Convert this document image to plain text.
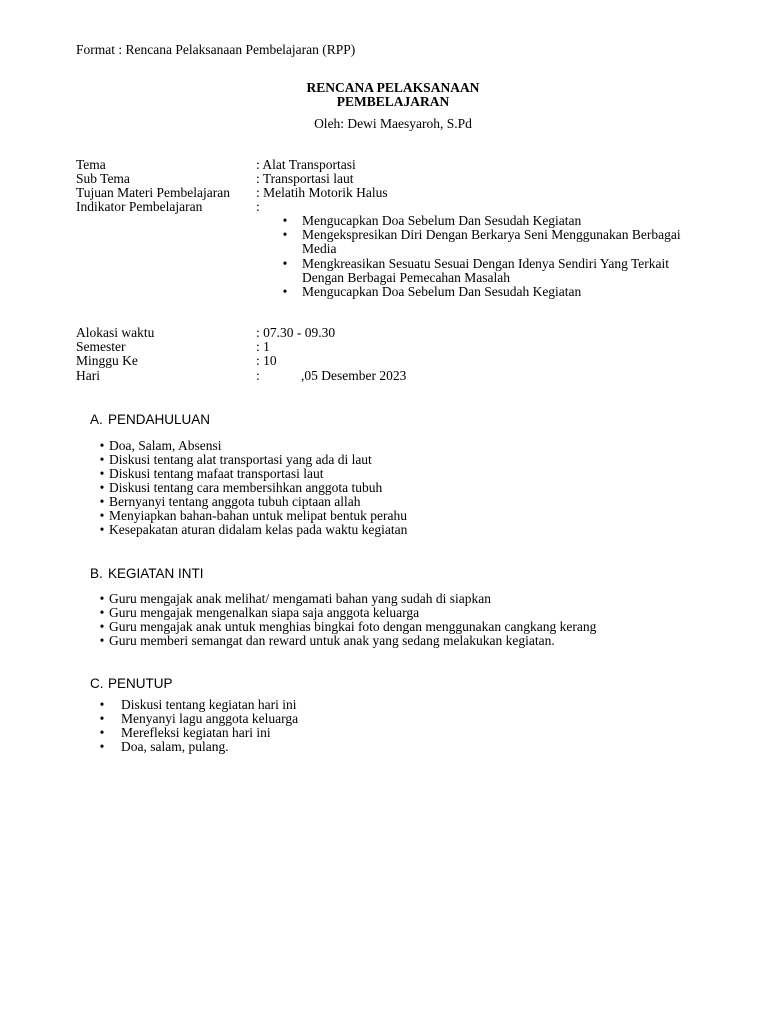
Format : Rencana Pelaksanaan Pembelajaran (RPP)
RENCANA PELAKSANAAN
PEMBELAJARAN
Oleh: Dewi Maesyaroh, S.Pd
Tema	: Alat Transportasi
Sub Tema	: Transportasi laut
Tujuan Materi Pembelajaran : Melatih Motorik Halus
Indikator Pembelajaran	:
• Mengucapkan Doa Sebelum Dan Sesudah Kegiatan
• Mengekspresikan Diri Dengan Berkarya Seni Menggunakan Berbagai Media
• Mengkreasikan Sesuatu Sesuai Dengan Idenya Sendiri Yang Terkait Dengan Berbagai Pemecahan Masalah
• Mengucapkan Doa Sebelum Dan Sesudah Kegiatan
Alokasi waktu	: 07.30 - 09.30
Semester	: 1
Minggu Ke	: 10
Hari	:	,05 Desember 2023
A. PENDAHULUAN
• Doa, Salam, Absensi
• Diskusi tentang alat transportasi yang ada di laut
• Diskusi tentang mafaat transportasi laut
• Diskusi tentang cara membersihkan anggota tubuh
• Bernyanyi tentang anggota tubuh ciptaan allah
• Menyiapkan bahan-bahan untuk melipat bentuk perahu
• Kesepakatan aturan didalam kelas pada waktu kegiatan
B. KEGIATAN INTI
• Guru mengajak anak melihat/ mengamati bahan yang sudah di siapkan
• Guru mengajak mengenalkan siapa saja anggota keluarga
• Guru mengajak anak untuk menghias bingkai foto dengan menggunakan cangkang kerang
• Guru memberi semangat dan reward untuk anak yang sedang melakukan kegiatan.
C. PENUTUP
• Diskusi tentang kegiatan hari ini
• Menyanyi lagu anggota keluarga
• Merefleksi kegiatan hari ini
• Doa, salam, pulang.
